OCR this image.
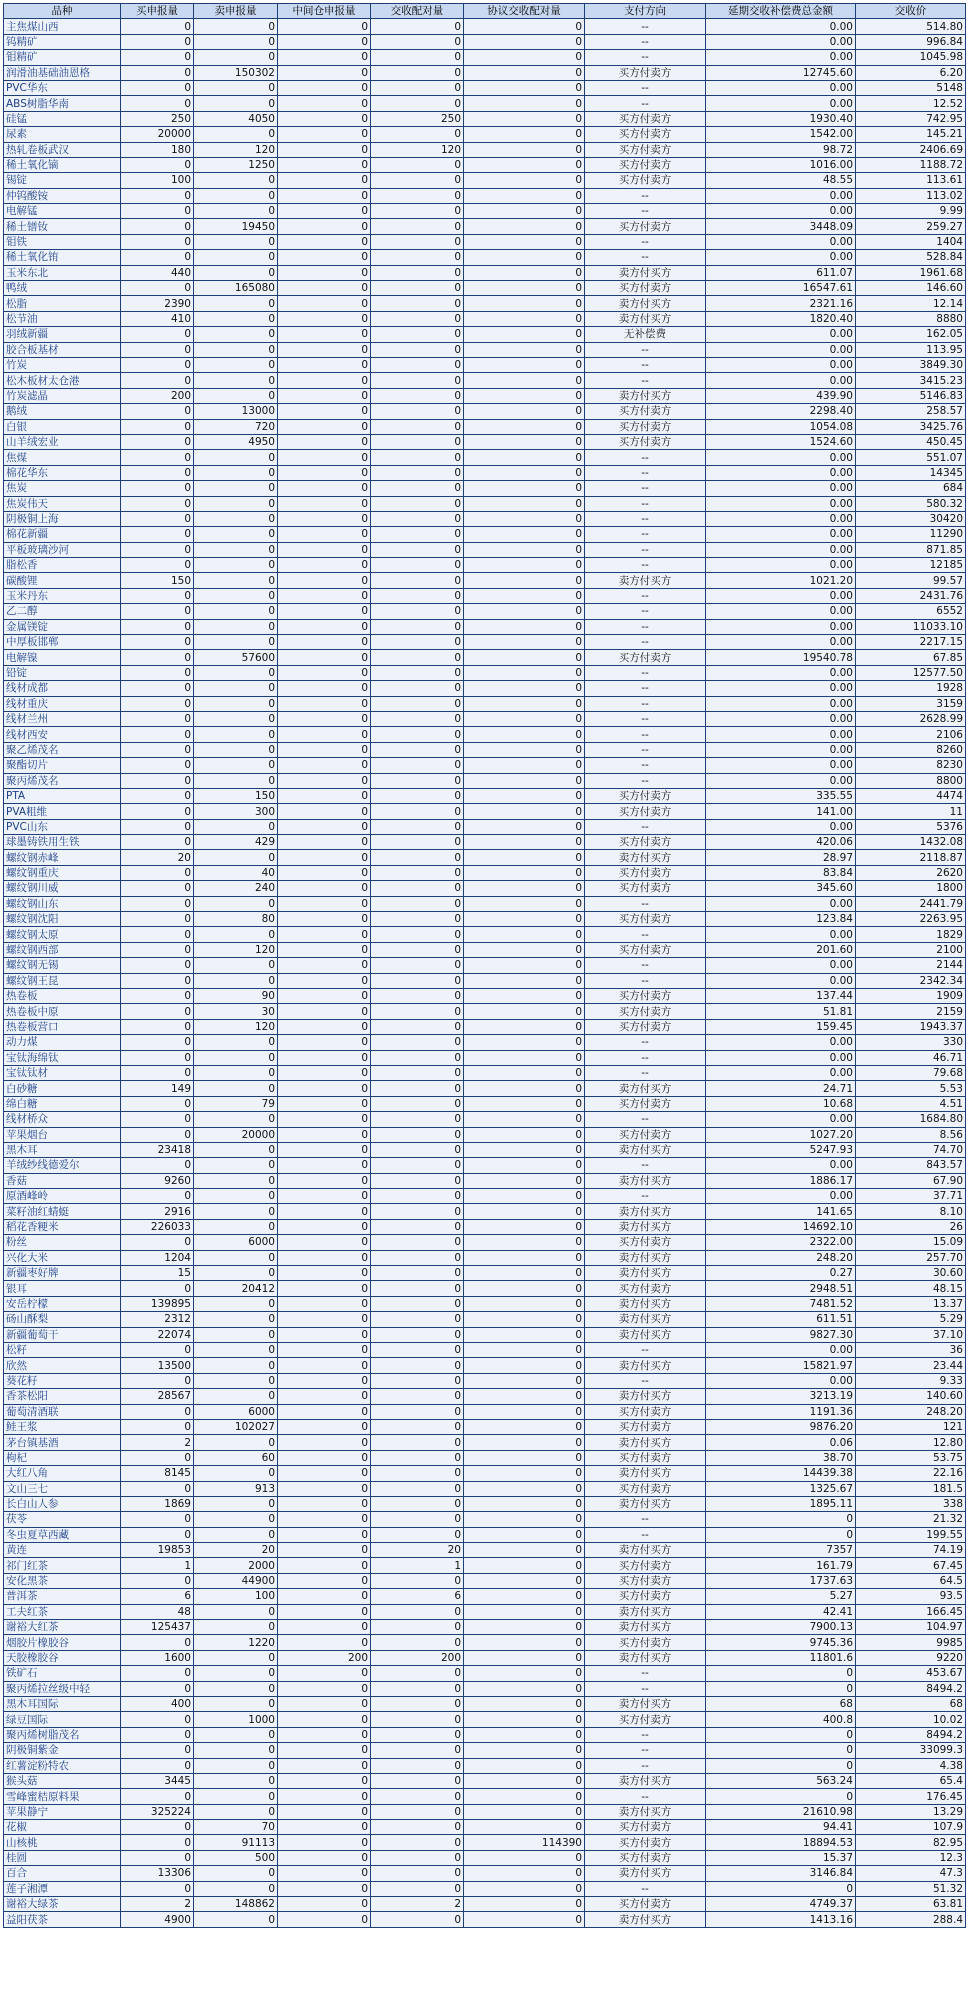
品种	买申报量	卖申报量	中间仓申报量	交收配对量	协议交收配对量	支付方向	延期交收补偿费总金额	交收价
主焦煤山西	0	0	0	0	0	--	0.00	514.80
钨精矿	0	0	0	0	0	--	0.00	996.84
钼精矿	0	0	0	0	0	--	0.00	1045.98
润滑油基础油恩格	0	150302	0	0	0	买方付卖方	12745.60	6.20
PVC华东	0	0	0	0	0	--	0.00	5148
ABS树脂华南	0	0	0	0	0	--	0.00	12.52
硅锰	250	4050	0	250	0	买方付卖方	1930.40	742.95
尿素	20000	0	0	0	0	买方付卖方	1542.00	145.21
热轧卷板武汉	180	120	0	120	0	买方付卖方	98.72	2406.69
稀土氧化镝	0	1250	0	0	0	买方付卖方	1016.00	1188.72
锡锭	100	0	0	0	0	买方付卖方	48.55	113.61
仲钨酸铵	0	0	0	0	0	--	0.00	113.02
电解锰	0	0	0	0	0	--	0.00	9.99
稀土镨钕	0	19450	0	0	0	买方付卖方	3448.09	259.27
钼铁	0	0	0	0	0	--	0.00	1404
稀土氧化铕	0	0	0	0	0	--	0.00	528.84
玉米东北	440	0	0	0	0	卖方付买方	611.07	1961.68
鸭绒	0	165080	0	0	0	买方付卖方	16547.61	146.60
松脂	2390	0	0	0	0	卖方付买方	2321.16	12.14
松节油	410	0	0	0	0	卖方付买方	1820.40	8880
羽绒新疆	0	0	0	0	0	无补偿费	0.00	162.05
胶合板基材	0	0	0	0	0	--	0.00	113.95
竹炭	0	0	0	0	0	--	0.00	3849.30
松木板材太仓港	0	0	0	0	0	--	0.00	3415.23
竹炭滤晶	200	0	0	0	0	卖方付买方	439.90	5146.83
鹅绒	0	13000	0	0	0	买方付卖方	2298.40	258.57
白银	0	720	0	0	0	买方付卖方	1054.08	3425.76
山羊绒宏业	0	4950	0	0	0	买方付卖方	1524.60	450.45
焦煤	0	0	0	0	0	--	0.00	551.07
棉花华东	0	0	0	0	0	--	0.00	14345
焦炭	0	0	0	0	0	--	0.00	684
焦炭伟天	0	0	0	0	0	--	0.00	580.32
阴极铜上海	0	0	0	0	0	--	0.00	30420
棉花新疆	0	0	0	0	0	--	0.00	11290
平板玻璃沙河	0	0	0	0	0	--	0.00	871.85
脂松香	0	0	0	0	0	--	0.00	12185
碳酸锂	150	0	0	0	0	卖方付买方	1021.20	99.57
玉米丹东	0	0	0	0	0	--	0.00	2431.76
乙二醇	0	0	0	0	0	--	0.00	6552
金属镁锭	0	0	0	0	0	--	0.00	11033.10
中厚板邯郸	0	0	0	0	0	--	0.00	2217.15
电解镍	0	57600	0	0	0	买方付卖方	19540.78	67.85
铅锭	0	0	0	0	0	--	0.00	12577.50
线材成都	0	0	0	0	0	--	0.00	1928
线材重庆	0	0	0	0	0	--	0.00	3159
线材兰州	0	0	0	0	0	--	0.00	2628.99
线材西安	0	0	0	0	0	--	0.00	2106
聚乙烯茂名	0	0	0	0	0	--	0.00	8260
聚酯切片	0	0	0	0	0	--	0.00	8230
聚丙烯茂名	0	0	0	0	0	--	0.00	8800
PTA	0	150	0	0	0	买方付卖方	335.55	4474
PVA粗维	0	300	0	0	0	买方付卖方	141.00	11
PVC山东	0	0	0	0	0	--	0.00	5376
球墨铸铁用生铁	0	429	0	0	0	买方付卖方	420.06	1432.08
螺纹钢赤峰	20	0	0	0	0	卖方付买方	28.97	2118.87
螺纹钢重庆	0	40	0	0	0	买方付卖方	83.84	2620
螺纹钢川威	0	240	0	0	0	买方付卖方	345.60	1800
螺纹钢山东	0	0	0	0	0	--	0.00	2441.79
螺纹钢沈阳	0	80	0	0	0	买方付卖方	123.84	2263.95
螺纹钢太原	0	0	0	0	0	--	0.00	1829
螺纹钢西部	0	120	0	0	0	买方付卖方	201.60	2100
螺纹钢无锡	0	0	0	0	0	--	0.00	2144
螺纹钢王昆	0	0	0	0	0	--	0.00	2342.34
热卷板	0	90	0	0	0	买方付卖方	137.44	1909
热卷板中原	0	30	0	0	0	买方付卖方	51.81	2159
热卷板营口	0	120	0	0	0	买方付卖方	159.45	1943.37
动力煤	0	0	0	0	0	--	0.00	330
宝钛海绵钛	0	0	0	0	0	--	0.00	46.71
宝钛钛材	0	0	0	0	0	--	0.00	79.68
白砂糖	149	0	0	0	0	卖方付买方	24.71	5.53
绵白糖	0	79	0	0	0	买方付卖方	10.68	4.51
线材桥众	0	0	0	0	0	--	0.00	1684.80
苹果烟台	0	20000	0	0	0	买方付卖方	1027.20	8.56
黑木耳	23418	0	0	0	0	卖方付买方	5247.93	74.70
羊绒纱线德爱尔	0	0	0	0	0	--	0.00	843.57
香菇	9260	0	0	0	0	卖方付买方	1886.17	67.90
原酒峰岭	0	0	0	0	0	--	0.00	37.71
菜籽油红蜻蜓	2916	0	0	0	0	卖方付买方	141.65	8.10
稻花香粳米	226033	0	0	0	0	卖方付买方	14692.10	26
粉丝	0	6000	0	0	0	买方付卖方	2322.00	15.09
兴化大米	1204	0	0	0	0	卖方付买方	248.20	257.70
新疆枣好牌	15	0	0	0	0	卖方付买方	0.27	30.60
银耳	0	20412	0	0	0	买方付卖方	2948.51	48.15
安岳柠檬	139895	0	0	0	0	卖方付买方	7481.52	13.37
砀山酥梨	2312	0	0	0	0	卖方付买方	611.51	5.29
新疆葡萄干	22074	0	0	0	0	卖方付买方	9827.30	37.10
松籽	0	0	0	0	0	--	0.00	36
欣然	13500	0	0	0	0	卖方付买方	15821.97	23.44
葵花籽	0	0	0	0	0	--	0.00	9.33
香茶松阳	28567	0	0	0	0	卖方付买方	3213.19	140.60
葡萄清酒联	0	6000	0	0	0	买方付卖方	1191.36	248.20
鲑王浆	0	102027	0	0	0	买方付卖方	9876.20	121
茅台镇基酒	2	0	0	0	0	卖方付买方	0.06	12.80
枸杞	0	60	0	0	0	买方付卖方	38.70	53.75
大红八角	8145	0	0	0	0	卖方付买方	14439.38	22.16
文山三七	0	913	0	0	0	买方付卖方	1325.67	181.5
长白山人参	1869	0	0	0	0	卖方付买方	1895.11	338
茯苓	0	0	0	0	0	--	0	21.32
冬虫夏草西藏	0	0	0	0	0	--	0	199.55
黄连	19853	20	0	20	0	卖方付买方	7357	74.19
祁门红茶	1	2000	0	1	0	买方付卖方	161.79	67.45
安化黑茶	0	44900	0	0	0	买方付卖方	1737.63	64.5
普洱茶	6	100	0	6	0	买方付卖方	5.27	93.5
工夫红茶	48	0	0	0	0	卖方付买方	42.41	166.45
谢裕大红茶	125437	0	0	0	0	卖方付买方	7900.13	104.97
烟胶片橡胶谷	0	1220	0	0	0	买方付卖方	9745.36	9985
天胶橡胶谷	1600	0	200	200	0	卖方付买方	11801.6	9220
铁矿石	0	0	0	0	0	--	0	453.67
聚丙烯拉丝级中轻	0	0	0	0	0	--	0	8494.2
黑木耳国际	400	0	0	0	0	卖方付买方	68	68
绿豆国际	0	1000	0	0	0	买方付卖方	400.8	10.02
聚丙烯树脂茂名	0	0	0	0	0	--	0	8494.2
阴极铜紫金	0	0	0	0	0	--	0	33099.3
红薯淀粉特农	0	0	0	0	0	--	0	4.38
猴头菇	3445	0	0	0	0	卖方付买方	563.24	65.4
雪峰蜜桔原料果	0	0	0	0	0	--	0	176.45
苹果静宁	325224	0	0	0	0	卖方付买方	21610.98	13.29
花椒	0	70	0	0	0	买方付卖方	94.41	107.9
山核桃	0	91113	0	0	114390	买方付卖方	18894.53	82.95
桂圆	0	500	0	0	0	买方付卖方	15.37	12.3
百合	13306	0	0	0	0	卖方付买方	3146.84	47.3
莲子湘潭	0	0	0	0	0	--	0	51.32
谢裕大绿茶	2	148862	0	2	0	买方付卖方	4749.37	63.81
益阳茯茶	4900	0	0	0	0	卖方付买方	1413.16	288.4
